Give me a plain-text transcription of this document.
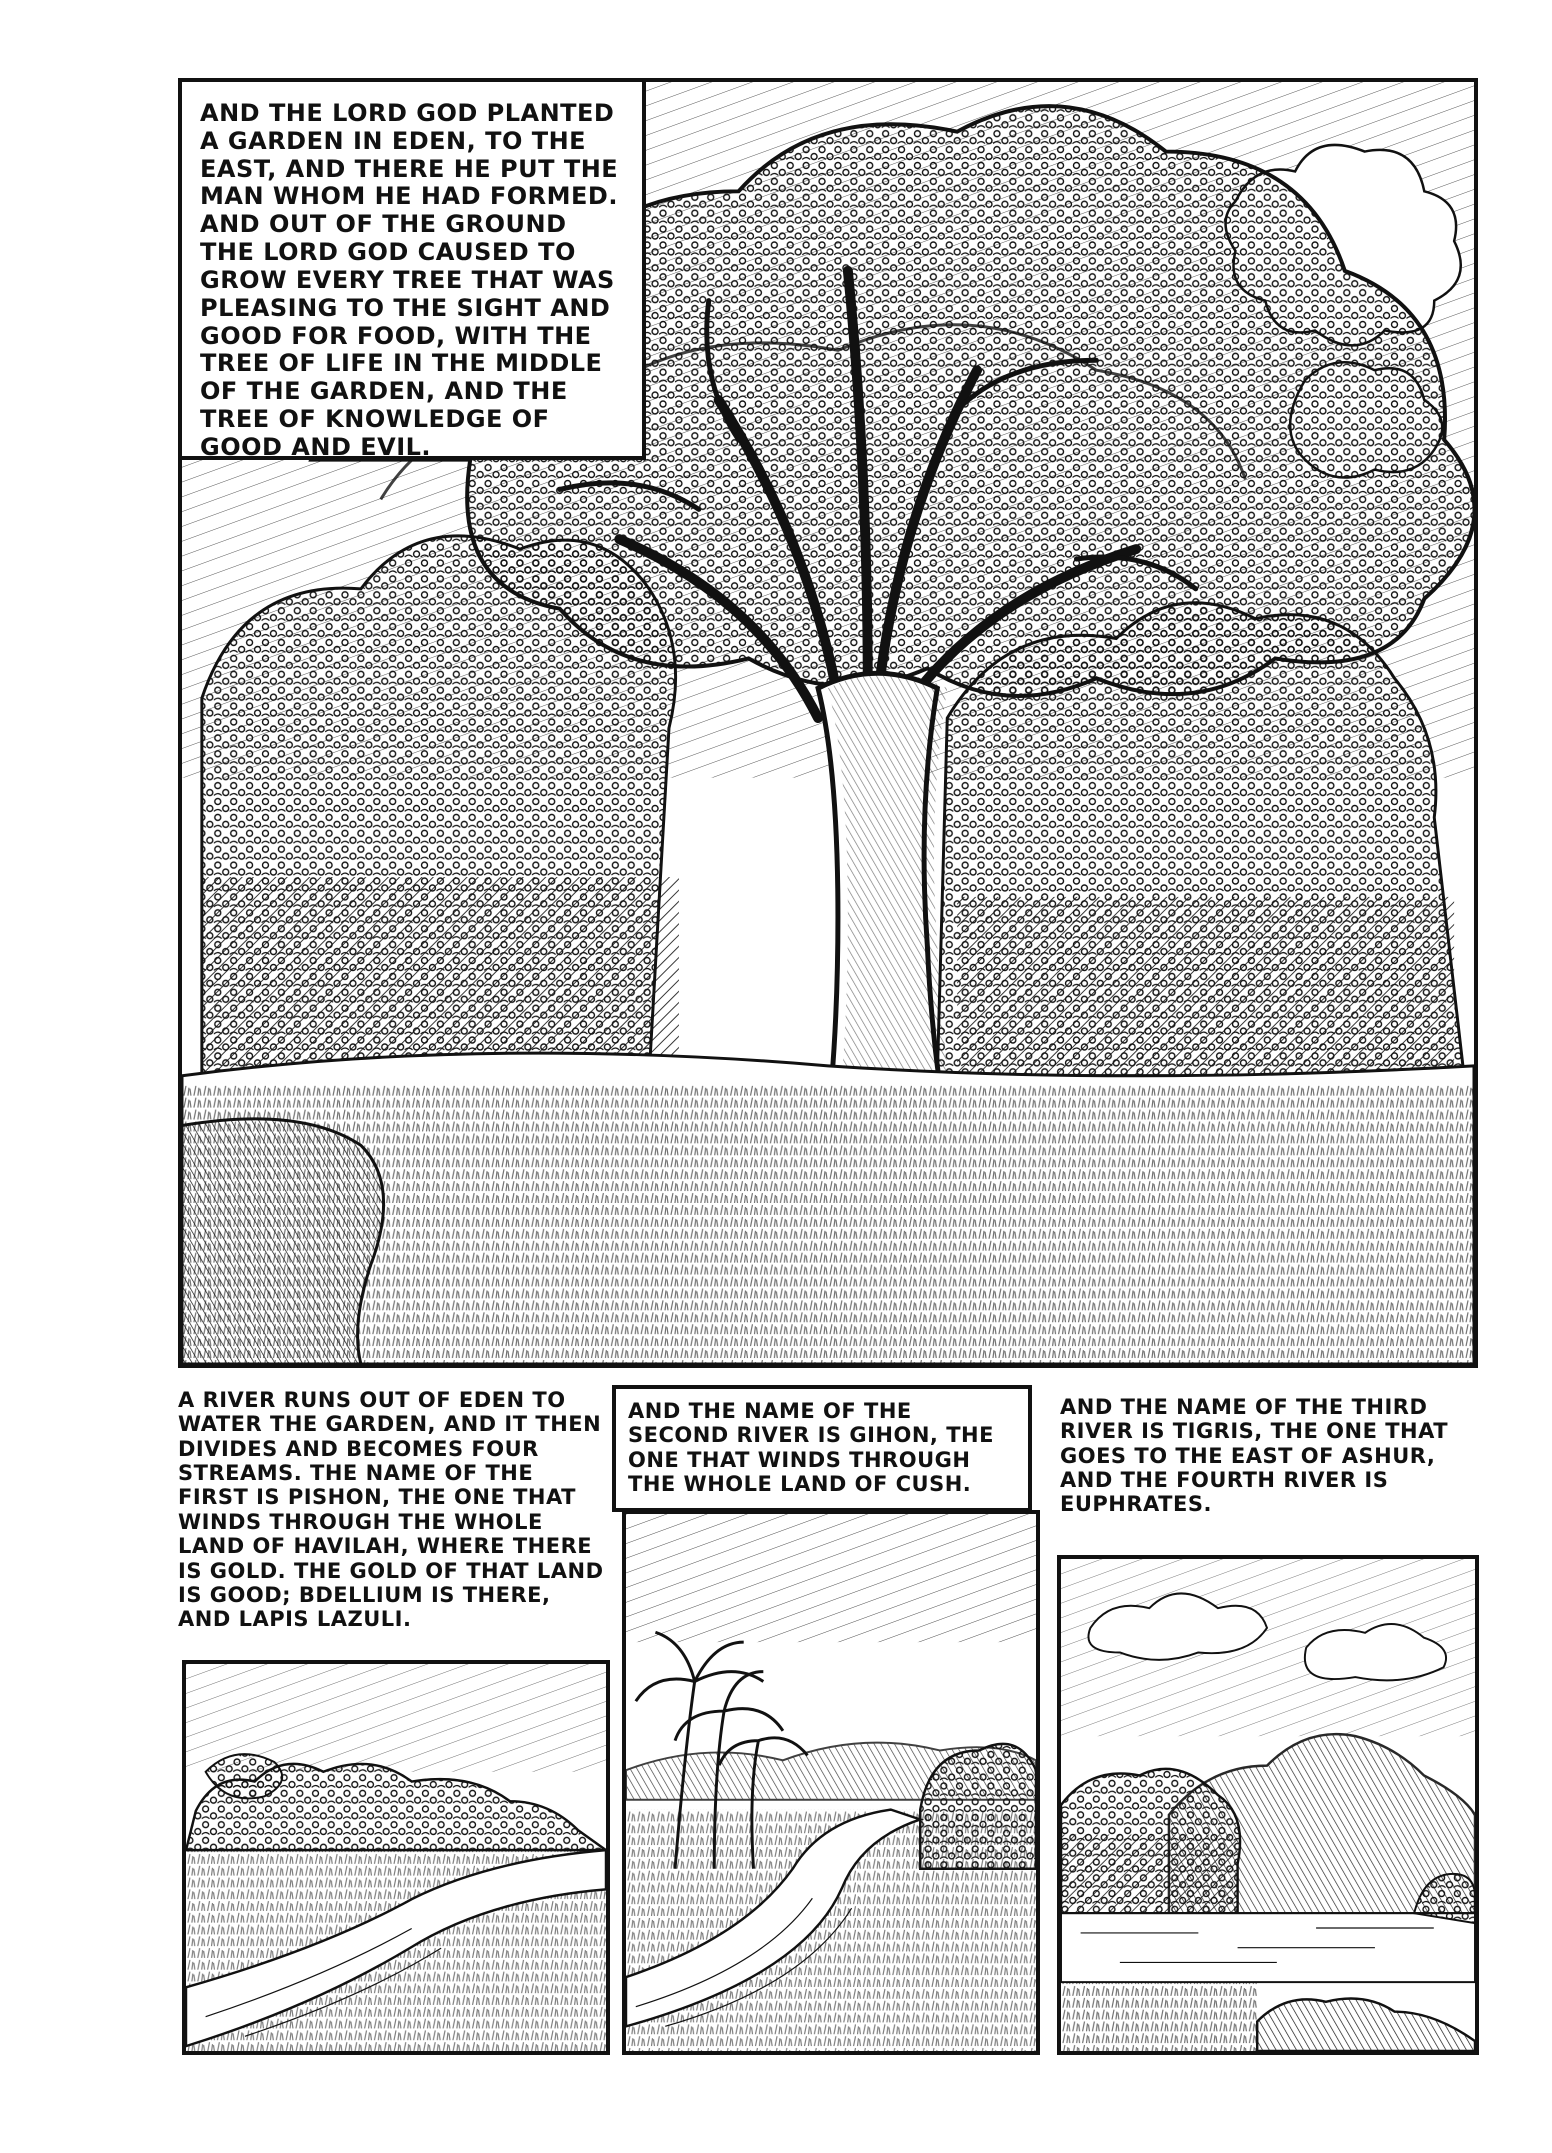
AND THE LORD GOD PLANTED A GARDEN IN EDEN, TO THE EAST, AND THERE HE PUT THE MAN WHOM HE HAD FORMED. AND OUT OF THE GROUND THE LORD GOD CAUSED TO GROW EVERY TREE THAT WAS PLEASING TO THE SIGHT AND GOOD FOR FOOD, WITH THE TREE OF LIFE IN THE MIDDLE OF THE GARDEN, AND THE TREE OF KNOWLEDGE OF GOOD AND EVIL.

A RIVER RUNS OUT OF EDEN TO WATER THE GARDEN, AND IT THEN DIVIDES AND BECOMES FOUR STREAMS. THE NAME OF THE FIRST IS PISHON, THE ONE THAT WINDS THROUGH THE WHOLE LAND OF HAVILAH, WHERE THERE IS GOLD. THE GOLD OF THAT LAND IS GOOD; BDELLIUM IS THERE, AND LAPIS LAZULI.

AND THE NAME OF THE SECOND RIVER IS GIHON, THE ONE THAT WINDS THROUGH THE WHOLE LAND OF CUSH.

AND THE NAME OF THE THIRD RIVER IS TIGRIS, THE ONE THAT GOES TO THE EAST OF ASHUR, AND THE FOURTH RIVER IS EUPHRATES.
